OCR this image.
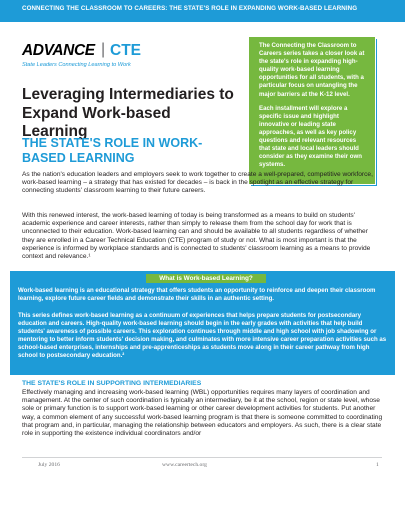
CONNECTING THE CLASSROOM TO CAREERS: THE STATE'S ROLE IN EXPANDING WORK-BASED LEARNING
ADVANCE | CTE
State Leaders Connecting Learning to Work
Leveraging Intermediaries to Expand Work-based Learning
THE STATE'S ROLE IN WORK-BASED LEARNING

The Connecting the Classroom to Careers series takes a closer look at the state's role in expanding high-quality work-based learning opportunities for all students, with a particular focus on untangling the major barriers at the K-12 level.

Each installment will explore a specific issue and highlight innovative or leading state approaches, as well as key policy questions and relevant resources that state and local leaders should consider as they examine their own systems.

As the nation's education leaders and employers seek to work together to create a well-prepared, competitive workforce, work-based learning – a strategy that has existed for decades – is back in the spotlight as an effective strategy for connecting students' classroom learning to their future careers.
With this renewed interest, the work-based learning of today is being transformed as a means to build on students' academic experience and career interests, rather than simply to release them from the school day for work that is unconnected to their education. Work-based learning can and should be available to all students regardless of whether they are enrolled in a Career Technical Education (CTE) program of study or not. What is most important is that the experience is informed by workplace standards and is connected to students' classroom learning as a means to provide context and relevance.¹
What is Work-based Learning?

Work-based learning is an educational strategy that offers students an opportunity to reinforce and deepen their classroom learning, explore future career fields and demonstrate their skills in an authentic setting.

This series defines work-based learning as a continuum of experiences that helps prepare students for postsecondary education and careers. High-quality work-based learning should begin in the early grades with activities that help build students' awareness of possible careers. This exploration continues through middle and high school with job shadowing or mentoring to better inform students' decision making, and culminates with more intensive career preparation activities such as school-based enterprises, internships and pre-apprenticeships as students move along in their career pathway from high school to postsecondary education.²

THE STATE'S ROLE IN SUPPORTING INTERMEDIARIES
Effectively managing and increasing work-based learning (WBL) opportunities requires many layers of coordination and management. At the center of such coordination is typically an intermediary, be it at the school, region or state level, whose sole or primary function is to support work-based learning or other career development activities for students. Put another way, a common element of any successful work-based learning program is that there is someone committed to coordinating that program and, in particular, managing the relationship between educators and employers. As such, there is a clear state role in supporting the existence individual coordinators and/or
July 2016	www.careertech.org	1
